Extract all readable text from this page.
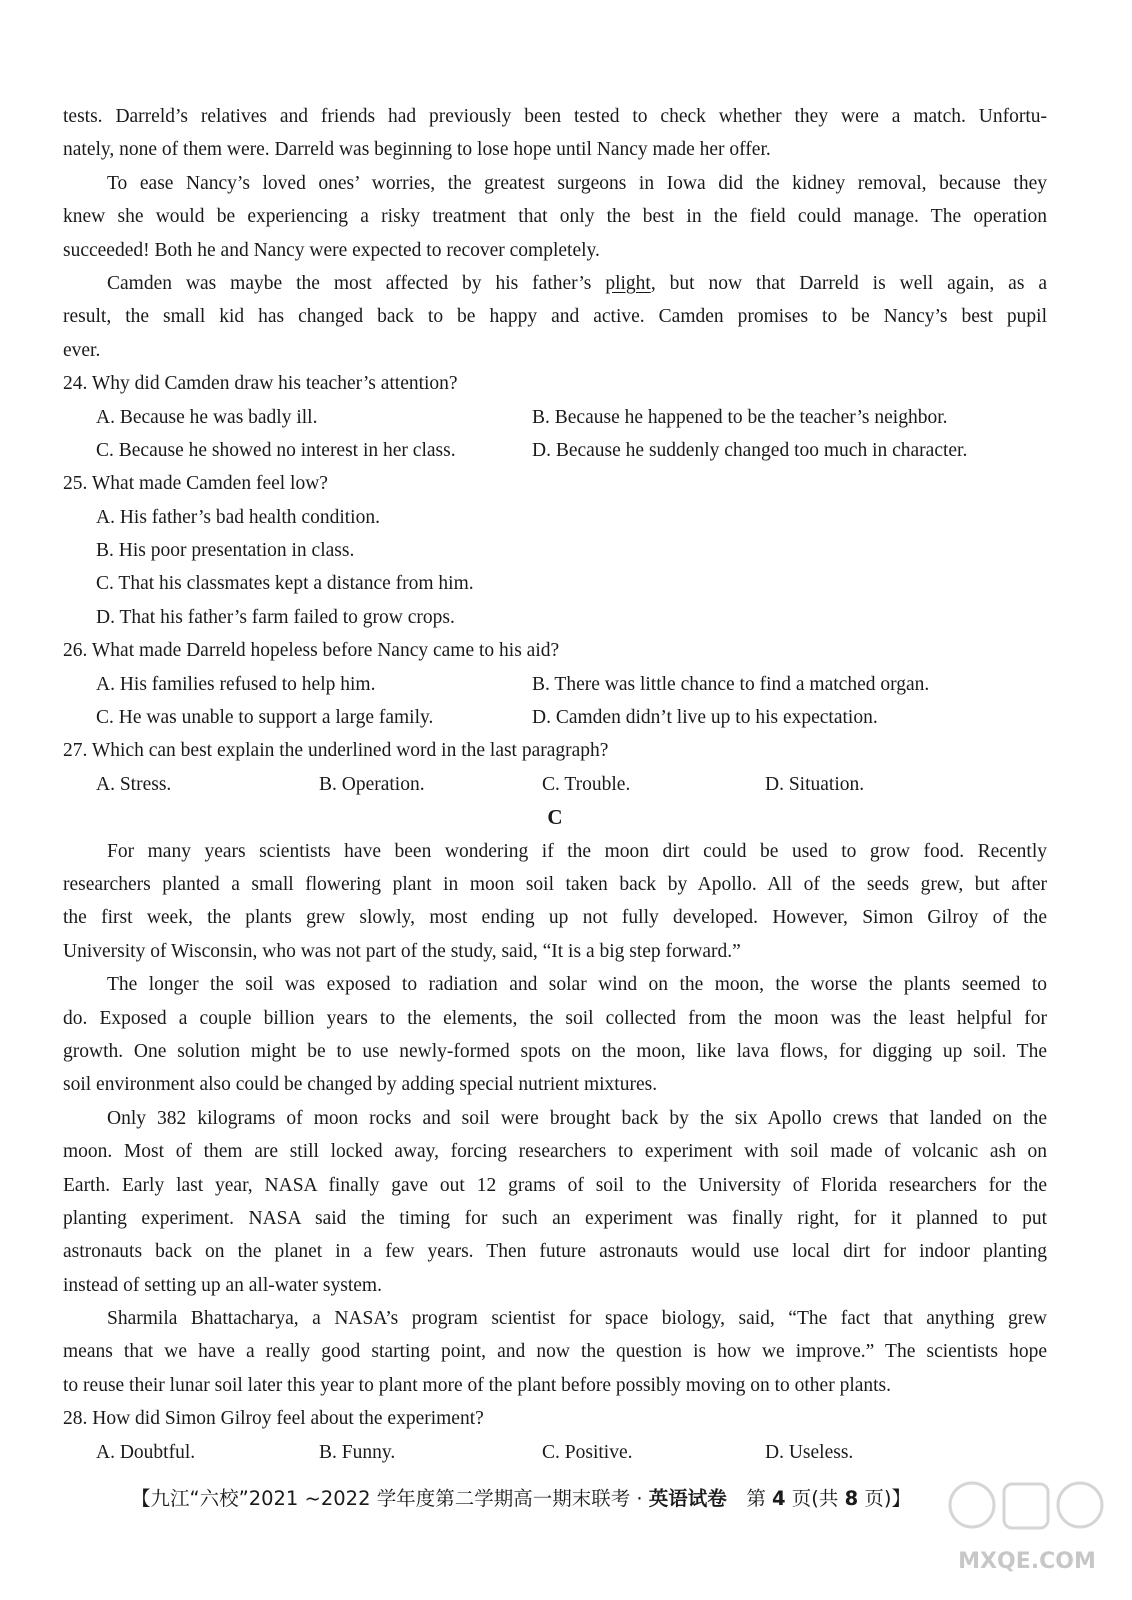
tests. Darreld’s relatives and friends had previously been tested to check whether they were a match. Unfortu-
nately, none of them were. Darreld was beginning to lose hope until Nancy made her offer.
To ease Nancy’s loved ones’ worries, the greatest surgeons in Iowa did the kidney removal, because they
knew she would be experiencing a risky treatment that only the best in the field could manage. The operation
succeeded! Both he and Nancy were expected to recover completely.
Camden was maybe the most affected by his father’s plight, but now that Darreld is well again, as a
result, the small kid has changed back to be happy and active. Camden promises to be Nancy’s best pupil
ever.
24. Why did Camden draw his teacher’s attention?
A. Because he was badly ill.	B. Because he happened to be the teacher’s neighbor.
C. Because he showed no interest in her class.	D. Because he suddenly changed too much in character.
25. What made Camden feel low?
A. His father’s bad health condition.
B. His poor presentation in class.
C. That his classmates kept a distance from him.
D. That his father’s farm failed to grow crops.
26. What made Darreld hopeless before Nancy came to his aid?
A. His families refused to help him.	B. There was little chance to find a matched organ.
C. He was unable to support a large family.	D. Camden didn’t live up to his expectation.
27. Which can best explain the underlined word in the last paragraph?
A. Stress.	B. Operation.	C. Trouble.	D. Situation.
C
For many years scientists have been wondering if the moon dirt could be used to grow food. Recently
researchers planted a small flowering plant in moon soil taken back by Apollo. All of the seeds grew, but after
the first week, the plants grew slowly, most ending up not fully developed. However, Simon Gilroy of the
University of Wisconsin, who was not part of the study, said, “It is a big step forward.”
The longer the soil was exposed to radiation and solar wind on the moon, the worse the plants seemed to
do. Exposed a couple billion years to the elements, the soil collected from the moon was the least helpful for
growth. One solution might be to use newly-formed spots on the moon, like lava flows, for digging up soil. The
soil environment also could be changed by adding special nutrient mixtures.
Only 382 kilograms of moon rocks and soil were brought back by the six Apollo crews that landed on the
moon. Most of them are still locked away, forcing researchers to experiment with soil made of volcanic ash on
Earth. Early last year, NASA finally gave out 12 grams of soil to the University of Florida researchers for the
planting experiment. NASA said the timing for such an experiment was finally right, for it planned to put
astronauts back on the planet in a few years. Then future astronauts would use local dirt for indoor planting
instead of setting up an all-water system.
Sharmila Bhattacharya, a NASA’s program scientist for space biology, said, “The fact that anything grew
means that we have a really good starting point, and now the question is how we improve.” The scientists hope
to reuse their lunar soil later this year to plant more of the plant before possibly moving on to other plants.
28. How did Simon Gilroy feel about the experiment?
A. Doubtful.	B. Funny.	C. Positive.	D. Useless.
【九江“六校”2021 ~2022 学年度第二学期高一期末联考 · 英语试卷　第 4 页(共 8 页)】
MXQE.COM
